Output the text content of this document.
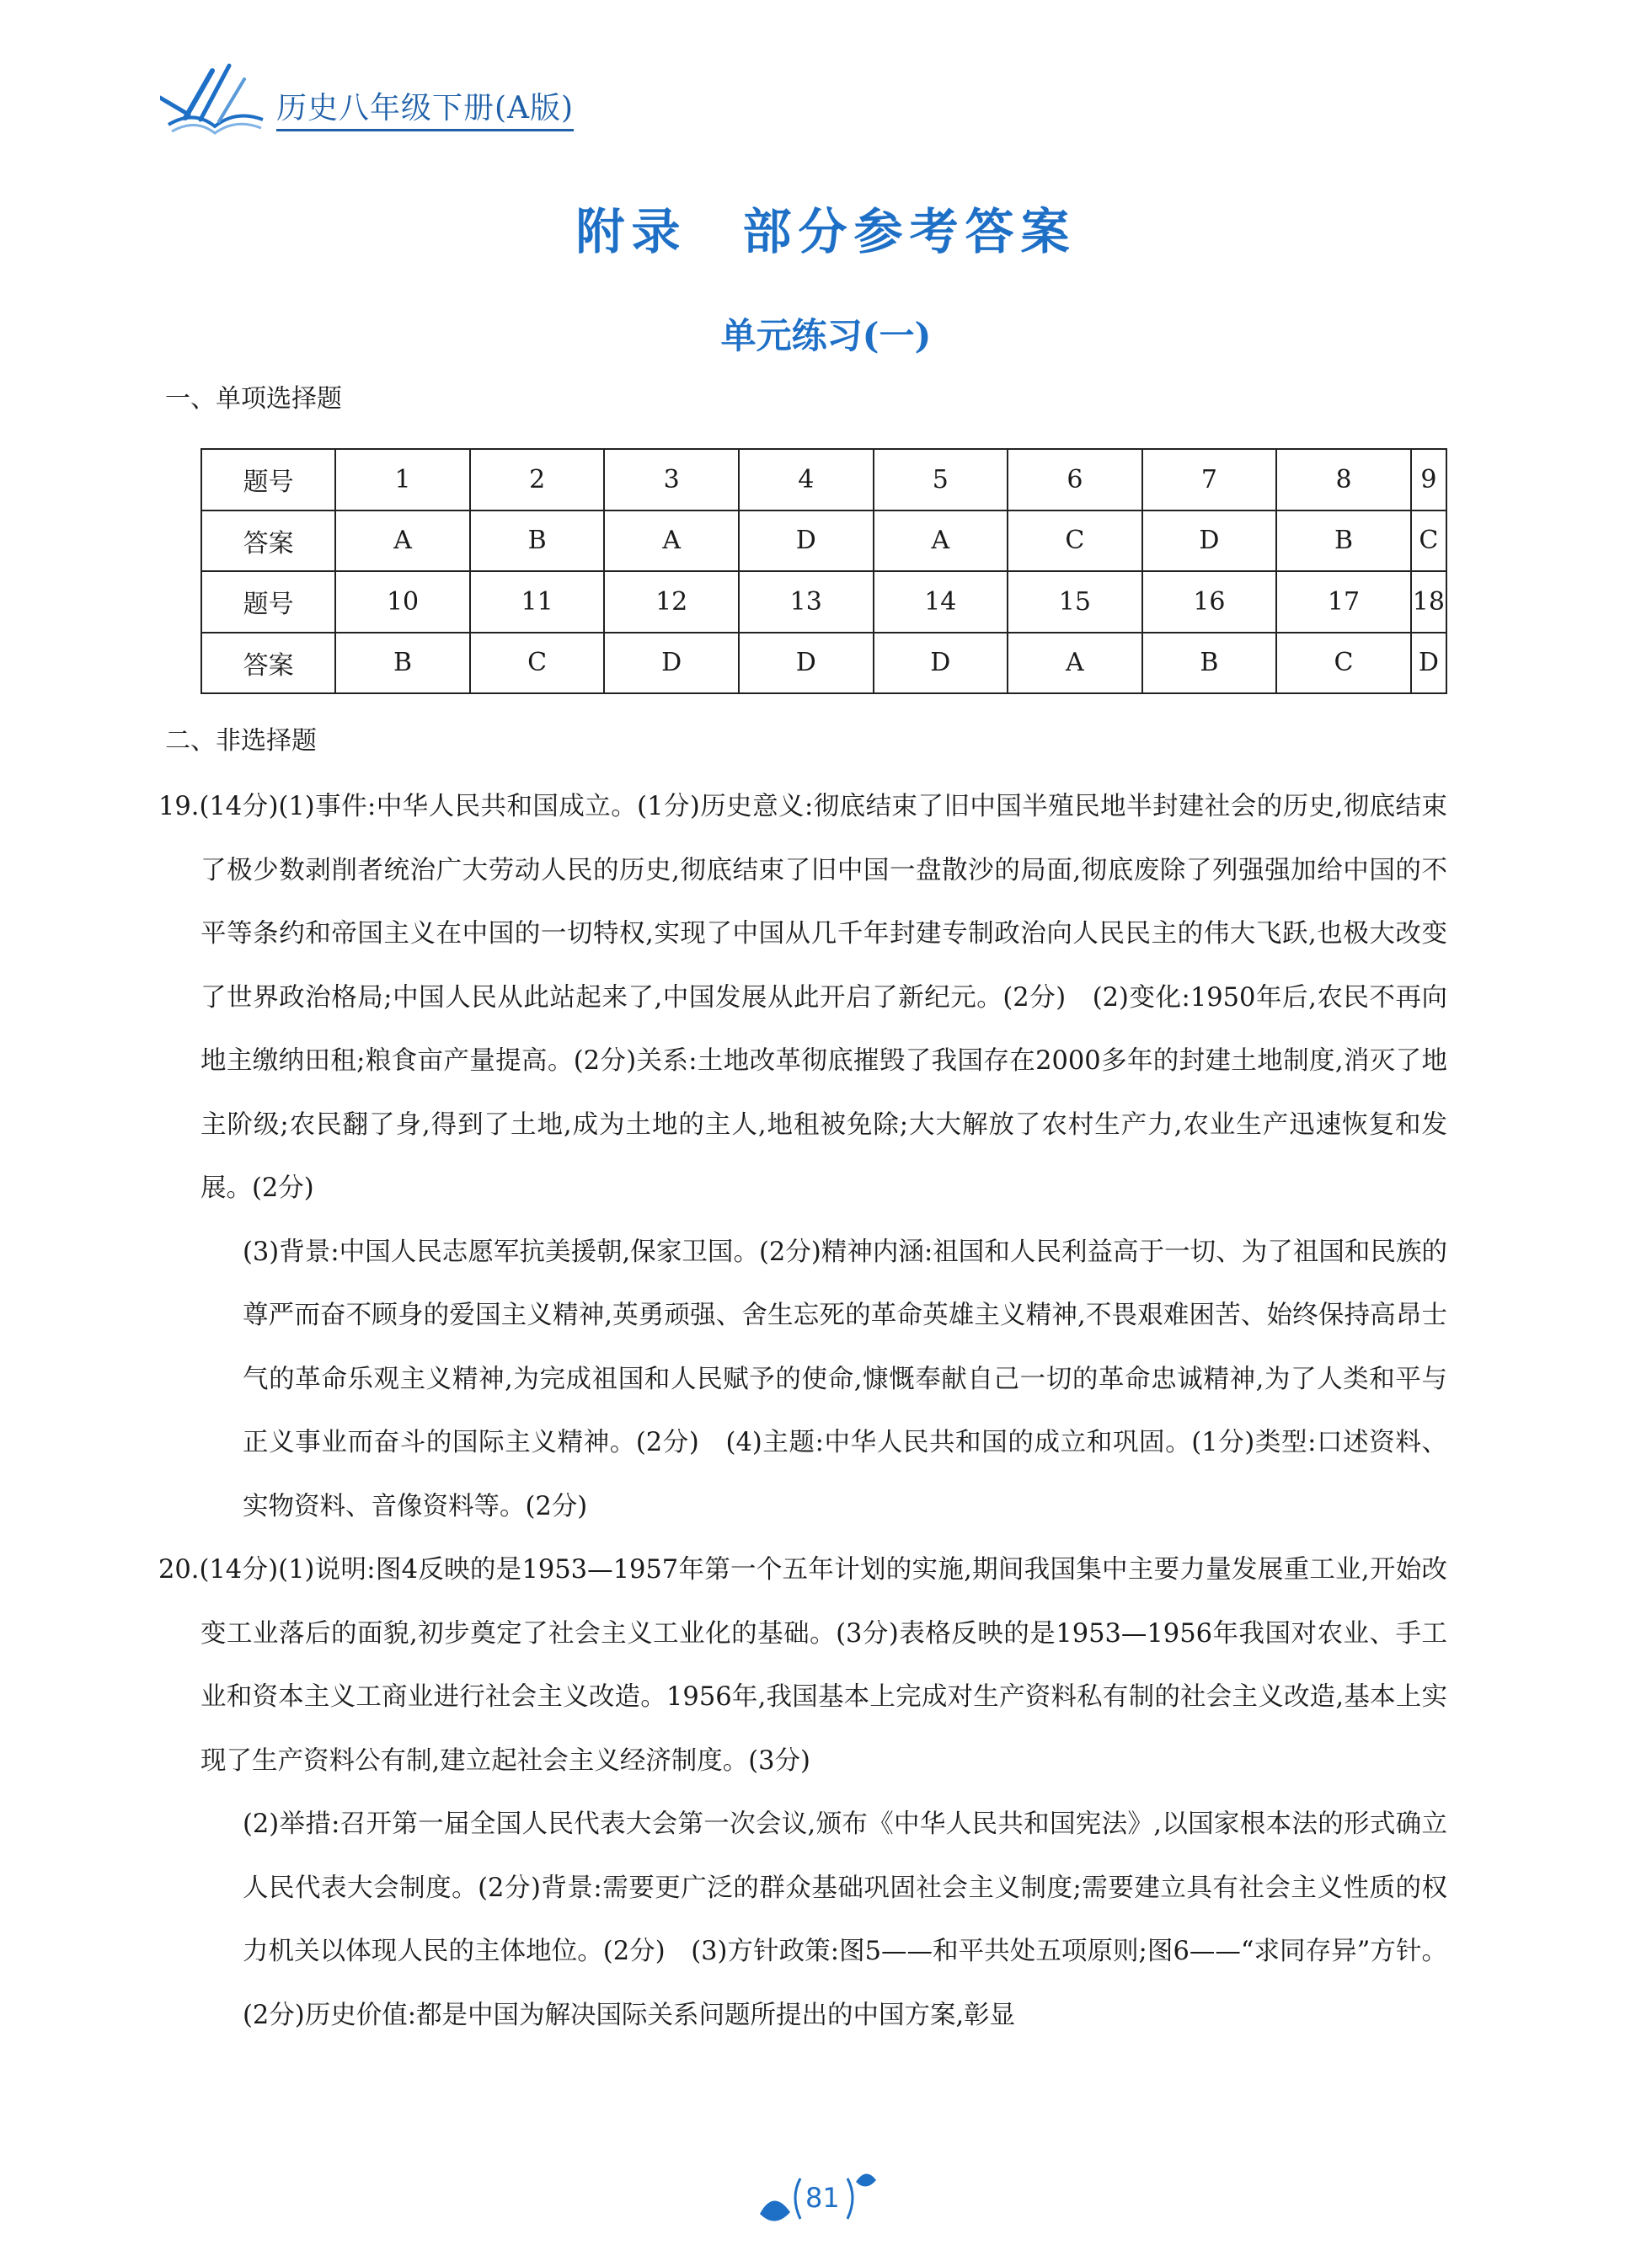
历史八年级下册(A版)
附录　部分参考答案
单元练习(一)
一、单项选择题
题号	1	2	3	4	5	6	7	8	9
答案	A	B	A	D	A	C	D	B	C
题号	10	11	12	13	14	15	16	17	18
答案	B	C	D	D	D	A	B	C	D
二、非选择题

19.(14分)(1)事件:中华人民共和国成立。(1分)历史意义:彻底结束了旧中国半殖民地半封建社会的历史,彻底结束了极少数剥削者统治广大劳动人民的历史,彻底结束了旧中国一盘散沙的局面,彻底废除了列强强加给中国的不平等条约和帝国主义在中国的一切特权,实现了中国从几千年封建专制政治向人民民主的伟大飞跃,也极大改变了世界政治格局;中国人民从此站起来了,中国发展从此开启了新纪元。(2分)　(2)变化:1950年后,农民不再向地主缴纳田租;粮食亩产量提高。(2分)关系:土地改革彻底摧毁了我国存在2000多年的封建土地制度,消灭了地主阶级;农民翻了身,得到了土地,成为土地的主人,地租被免除;大大解放了农村生产力,农业生产迅速恢复和发展。(2分)

(3)背景:中国人民志愿军抗美援朝,保家卫国。(2分)精神内涵:祖国和人民利益高于一切、为了祖国和民族的尊严而奋不顾身的爱国主义精神,英勇顽强、舍生忘死的革命英雄主义精神,不畏艰难困苦、始终保持高昂士气的革命乐观主义精神,为完成祖国和人民赋予的使命,慷慨奉献自己一切的革命忠诚精神,为了人类和平与正义事业而奋斗的国际主义精神。(2分)　(4)主题:中华人民共和国的成立和巩固。(1分)类型:口述资料、实物资料、音像资料等。(2分)

20.(14分)(1)说明:图4反映的是1953—1957年第一个五年计划的实施,期间我国集中主要力量发展重工业,开始改变工业落后的面貌,初步奠定了社会主义工业化的基础。(3分)表格反映的是1953—1956年我国对农业、手工业和资本主义工商业进行社会主义改造。1956年,我国基本上完成对生产资料私有制的社会主义改造,基本上实现了生产资料公有制,建立起社会主义经济制度。(3分)

(2)举措:召开第一届全国人民代表大会第一次会议,颁布《中华人民共和国宪法》,以国家根本法的形式确立人民代表大会制度。(2分)背景:需要更广泛的群众基础巩固社会主义制度;需要建立具有社会主义性质的权力机关以体现人民的主体地位。(2分)　(3)方针政策:图5——和平共处五项原则;图6——“求同存异”方针。(2分)历史价值:都是中国为解决国际关系问题所提出的中国方案,彰显

81
